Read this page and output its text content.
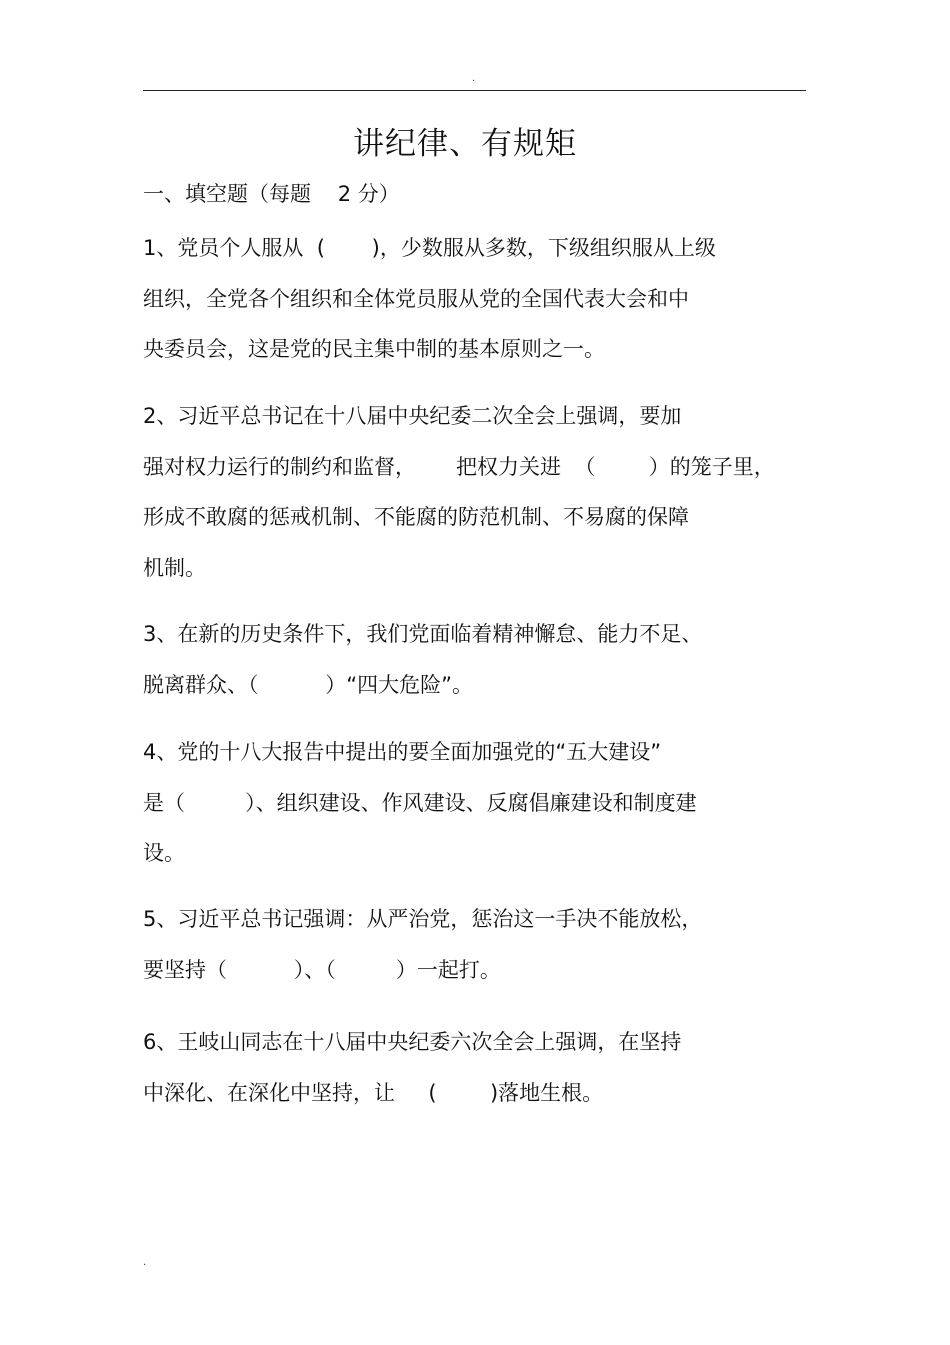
.
讲纪律、有规矩
一、填空题（每题    2 分）
1、党员个人服从  (       )，少数服从多数，下级组织服从上级
组织，全党各个组织和全体党员服从党的全国代表大会和中
央委员会，这是党的民主集中制的基本原则之一。
2、习近平总书记在十八届中央纪委二次全会上强调，要加
强对权力运行的制约和监督，      把权力关进  （        ）的笼子里，
形成不敢腐的惩戒机制、不能腐的防范机制、不易腐的保障
机制。
3、在新的历史条件下，我们党面临着精神懈怠、能力不足、
脱离群众、（          ）“四大危险”。
4、党的十八大报告中提出的要全面加强党的“五大建设”
是（         ）、组织建设、作风建设、反腐倡廉建设和制度建
设。
5、习近平总书记强调：从严治党，惩治这一手决不能放松，
要坚持（          ）、（         ）一起打。
6、王岐山同志在十八届中央纪委六次全会上强调，在坚持
中深化、在深化中坚持，让     (        )落地生根。
.
